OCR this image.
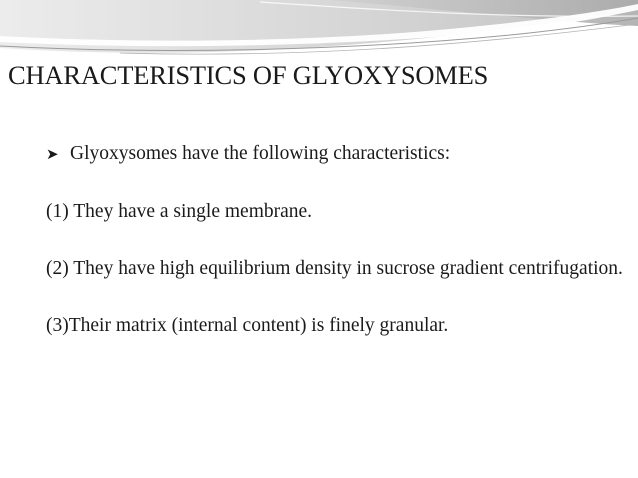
CHARACTERISTICS OF GLYOXYSOMES
➤ Glyoxysomes have the following characteristics:

(1) They have a single membrane.

(2) They have high equilibrium density in sucrose gradient centrifugation.

(3)Their matrix (internal content) is finely granular.
